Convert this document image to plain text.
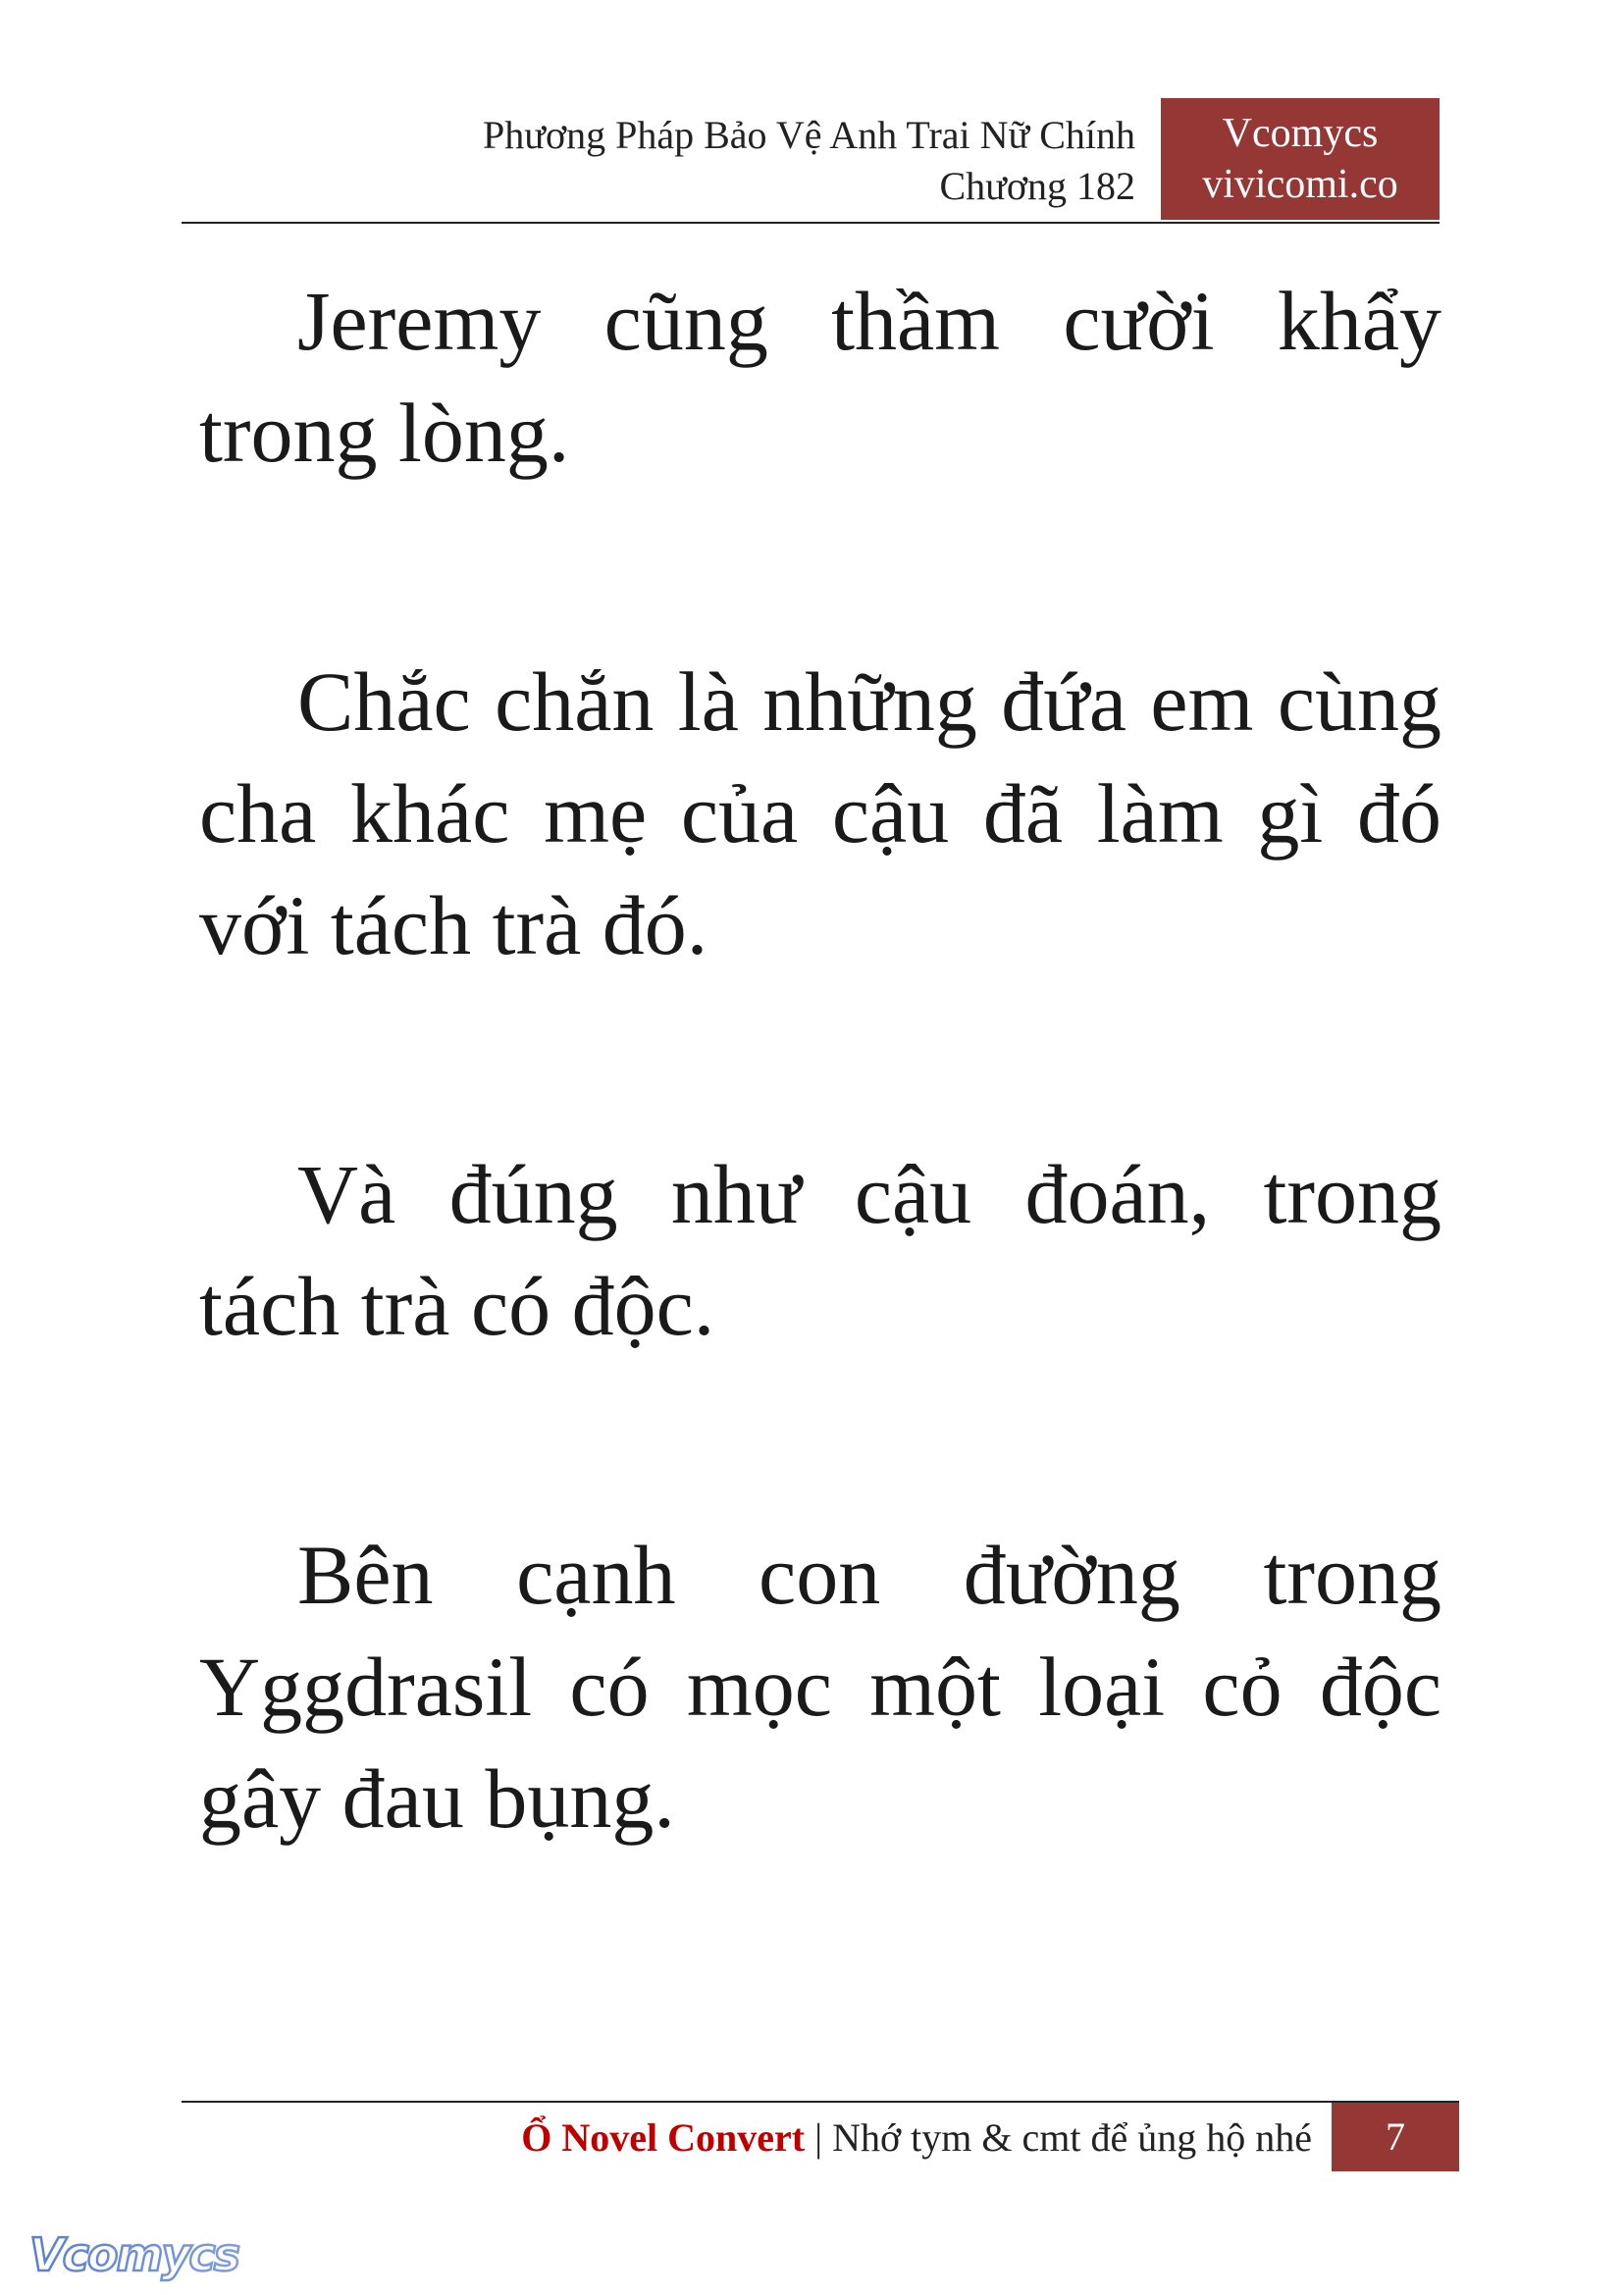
Phương Pháp Bảo Vệ Anh Trai Nữ Chính
Chương 182
Vcomycs
vivicomi.co

Jeremy cũng thầm cười khẩy trong lòng.

Chắc chắn là những đứa em cùng cha khác mẹ của cậu đã làm gì đó với tách trà đó.

Và đúng như cậu đoán, trong tách trà có độc.

Bên cạnh con đường trong Yggdrasil có mọc một loại cỏ độc gây đau bụng.

Ổ Novel Convert | Nhớ tym & cmt để ủng hộ nhé	7
Vcomycs
